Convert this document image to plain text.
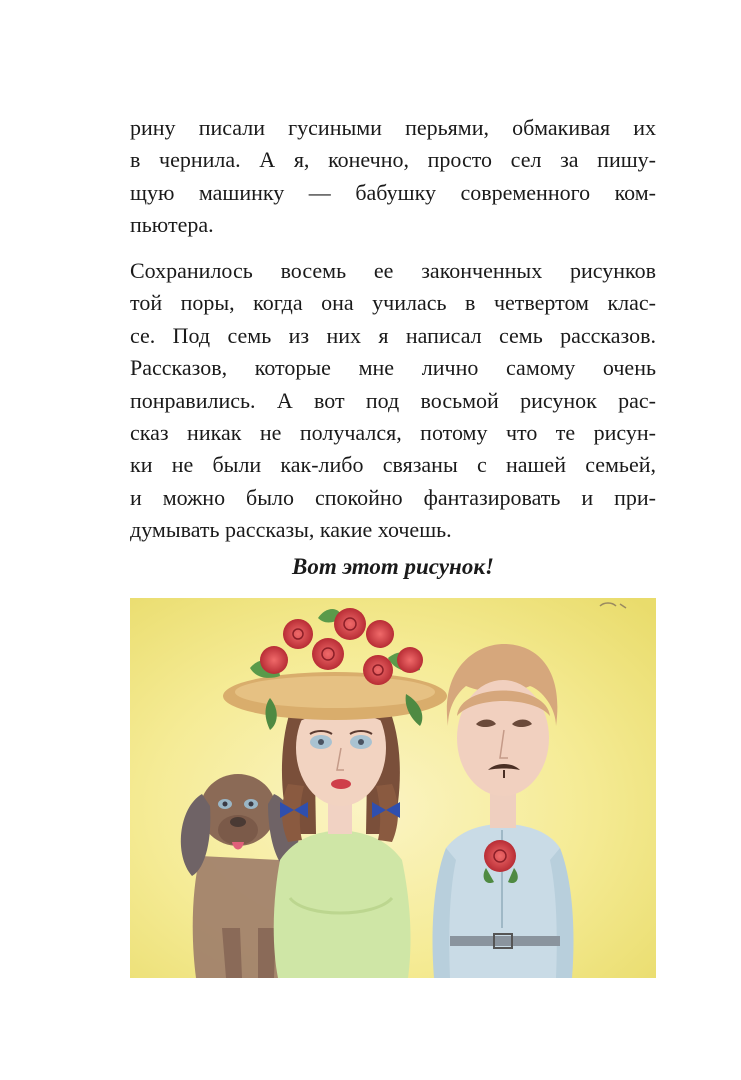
рину писали гусиными перьями, обмакивая их
в чернила. А я, конечно, просто сел за пишу-
щую машинку — бабушку современного ком-
пьютера.
Сохранилось восемь ее законченных рисунков
той поры, когда она училась в четвертом клас-
се. Под семь из них я написал семь рассказов.
Рассказов, которые мне лично самому очень
понравились. А вот под восьмой рисунок рас-
сказ никак не получался, потому что те рисун-
ки не были как-либо связаны с нашей семьей,
и можно было спокойно фантазировать и при-
думывать рассказы, какие хочешь.
Вот этот рисунок!
